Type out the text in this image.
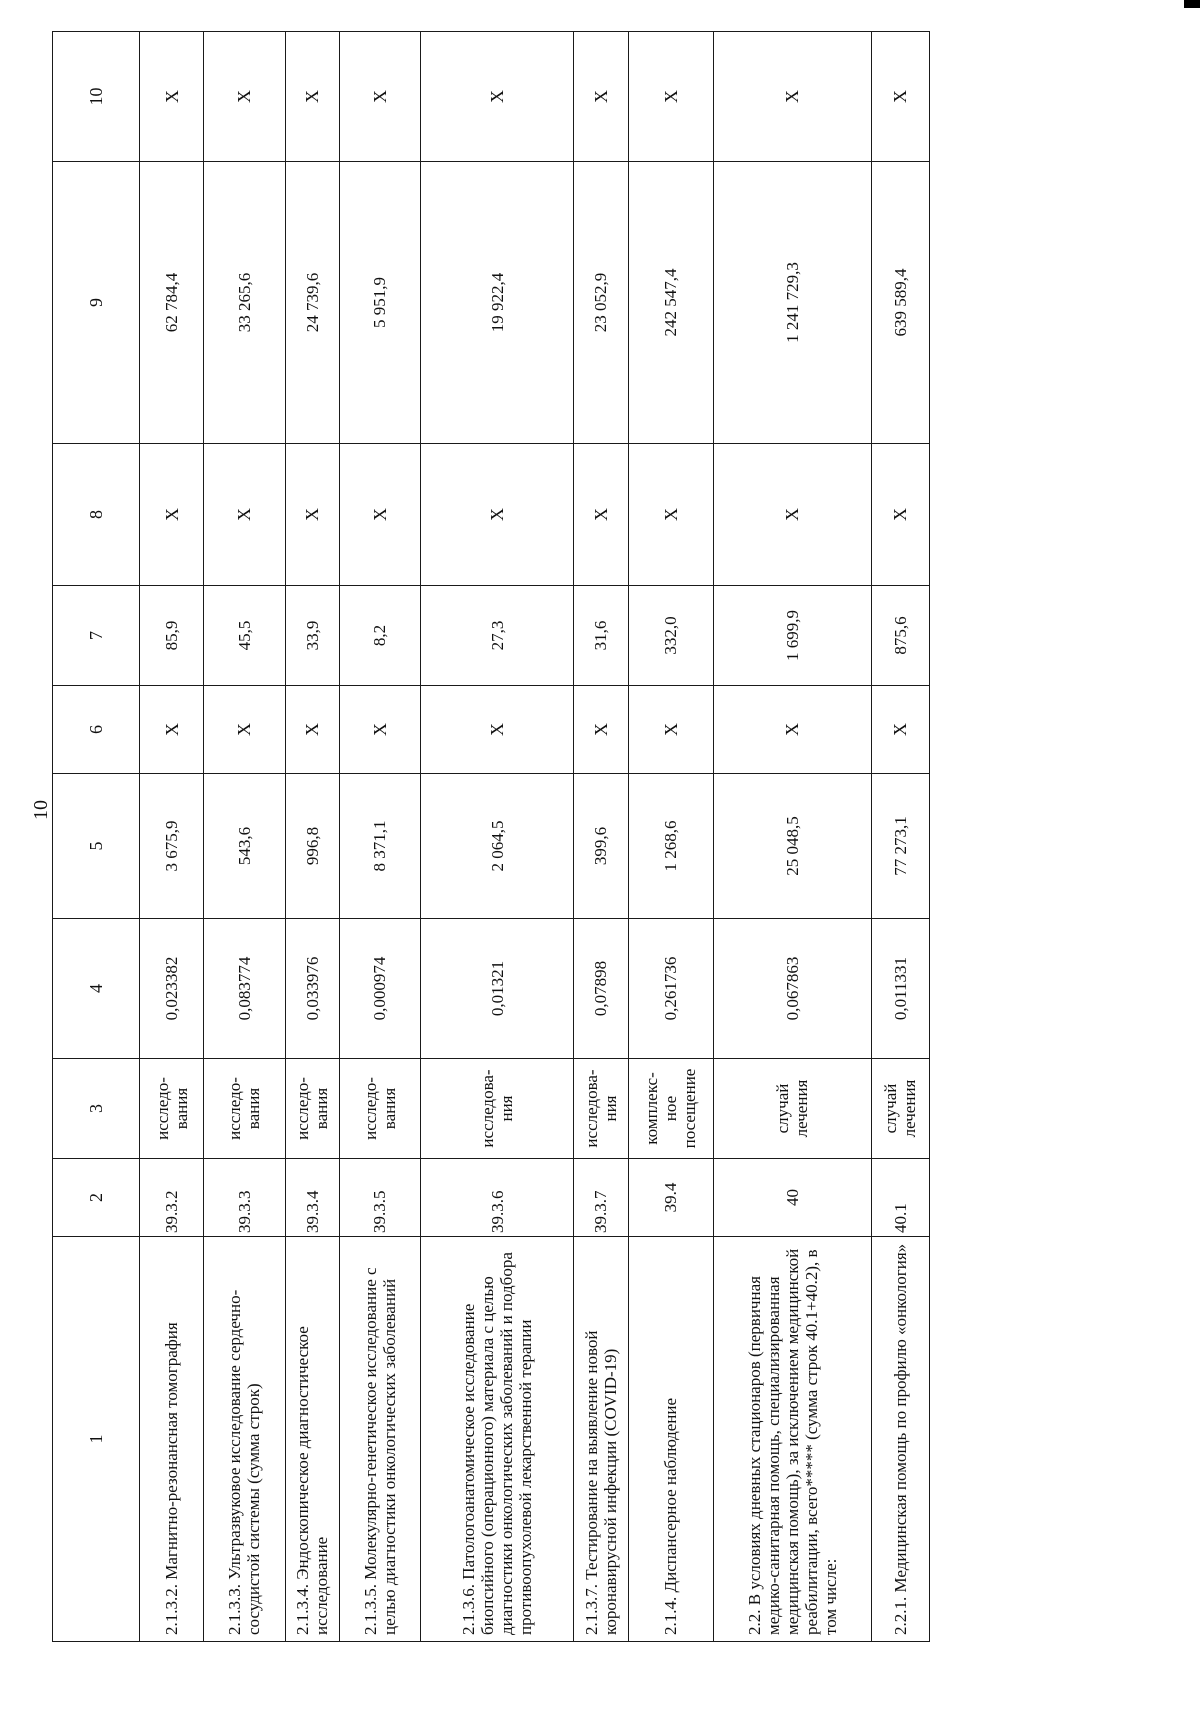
10
1	2	3	4	5	6	7	8	9	10
2.1.3.2. Магнитно-резонансная томография	39.3.2	исследо-вания	0,023382	3 675,9	X	85,9	X	62 784,4	X
2.1.3.3. Ультразвуковое исследование сердечно-сосудистой системы (сумма строк)	39.3.3	исследо-вания	0,083774	543,6	X	45,5	X	33 265,6	X
2.1.3.4. Эндоскопическое диагностическое исследование	39.3.4	исследо-вания	0,033976	996,8	X	33,9	X	24 739,6	X
2.1.3.5. Молекулярно-генетическое исследование с целью диагностики онкологических заболеваний	39.3.5	исследо-вания	0,000974	8 371,1	X	8,2	X	5 951,9	X
2.1.3.6. Патологоанатомическое исследование биопсийного (операционного) материала с целью диагностики онкологических заболеваний и подбора противоопухолевой лекарственной терапии	39.3.6	исследова-ния	0,01321	2 064,5	X	27,3	X	19 922,4	X
2.1.3.7. Тестирование на выявление новой коронавирусной инфекции (COVID-19)	39.3.7	исследова-ния	0,07898	399,6	X	31,6	X	23 052,9	X
2.1.4. Диспансерное наблюдение	39.4	комплекс-ное посещение	0,261736	1 268,6	X	332,0	X	242 547,4	X
2.2. В условиях дневных стационаров (первичная медико-санитарная помощь, специализированная медицинская помощь), за исключением медицинской реабилитации, всего***** (сумма строк 40.1+40.2), в том числе:	40	случай лечения	0,067863	25 048,5	X	1 699,9	X	1 241 729,3	X
2.2.1. Медицинская помощь по профилю «онкология»	40.1	случай лечения	0,011331	77 273,1	X	875,6	X	639 589,4	X
